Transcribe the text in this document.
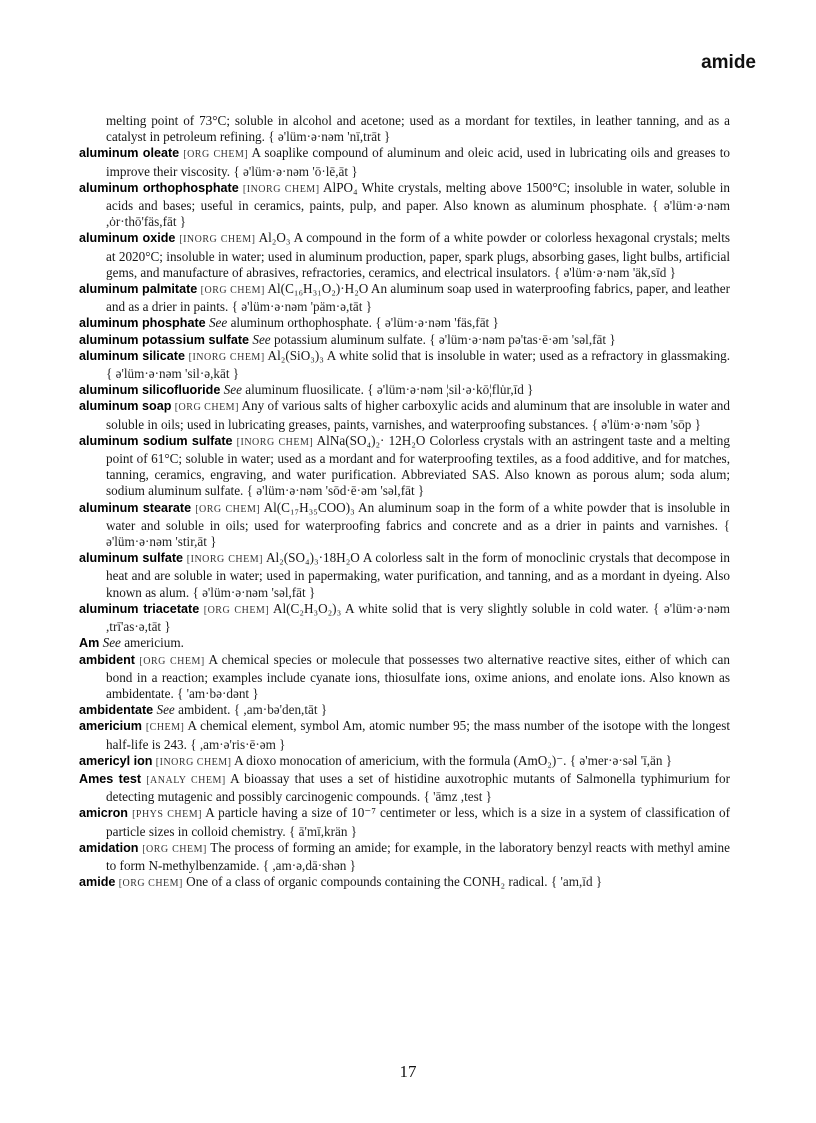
amide

melting point of 73°C; soluble in alcohol and acetone; used as a mordant for textiles, in leather tanning, and as a catalyst in petroleum refining. { ə'lüm·ə·nəm 'nī,trāt }

aluminum oleate [ORG CHEM] A soaplike compound of aluminum and oleic acid, used in lubricating oils and greases to improve their viscosity. { ə'lüm·ə·nəm 'ō·lē,āt }

aluminum orthophosphate [INORG CHEM] AlPO₄ White crystals, melting above 1500°C; insoluble in water, soluble in acids and bases; useful in ceramics, paints, pulp, and paper. Also known as aluminum phosphate. { ə'lüm·ə·nəm ,ȯr·thō'fäs,fāt }

aluminum oxide [INORG CHEM] Al₂O₃ A compound in the form of a white powder or colorless hexagonal crystals; melts at 2020°C; insoluble in water; used in aluminum production, paper, spark plugs, absorbing gases, light bulbs, artificial gems, and manufacture of abrasives, refractories, ceramics, and electrical insulators. { ə'lüm·ə·nəm 'äk,sīd }

aluminum palmitate [ORG CHEM] Al(C₁₆H₃₁O₂)·H₂O An aluminum soap used in waterproofing fabrics, paper, and leather and as a drier in paints. { ə'lüm·ə·nəm 'päm·ə,tāt }

aluminum phosphate See aluminum orthophosphate. { ə'lüm·ə·nəm 'fäs,fāt }

aluminum potassium sulfate See potassium aluminum sulfate. { ə'lüm·ə·nəm pə'tas·ē·əm 'səl,fāt }

aluminum silicate [INORG CHEM] Al₂(SiO₃)₃ A white solid that is insoluble in water; used as a refractory in glassmaking. { ə'lüm·ə·nəm 'sil·ə,kāt }

aluminum silicofluoride See aluminum fluosilicate. { ə'lüm·ə·nəm ¦sil·ə·kō¦flu̇r,īd }

aluminum soap [ORG CHEM] Any of various salts of higher carboxylic acids and aluminum that are insoluble in water and soluble in oils; used in lubricating greases, paints, varnishes, and waterproofing substances. { ə'lüm·ə·nəm 'sōp }

aluminum sodium sulfate [INORG CHEM] AlNa(SO₄)₂· 12H₂O Colorless crystals with an astringent taste and a melting point of 61°C; soluble in water; used as a mordant and for waterproofing textiles, as a food additive, and for matches, tanning, ceramics, engraving, and water purification. Abbreviated SAS. Also known as porous alum; soda alum; sodium aluminum sulfate. { ə'lüm·ə·nəm 'sōd·ē·əm 'səl,fāt }

aluminum stearate [ORG CHEM] Al(C₁₇H₃₅COO)₃ An aluminum soap in the form of a white powder that is insoluble in water and soluble in oils; used for waterproofing fabrics and concrete and as a drier in paints and varnishes. { ə'lüm·ə·nəm 'stir,āt }

aluminum sulfate [INORG CHEM] Al₂(SO₄)₃·18H₂O A colorless salt in the form of monoclinic crystals that decompose in heat and are soluble in water; used in papermaking, water purification, and tanning, and as a mordant in dyeing. Also known as alum. { ə'lüm·ə·nəm 'səl,fāt }

aluminum triacetate [ORG CHEM] Al(C₂H₃O₂)₃ A white solid that is very slightly soluble in cold water. { ə'lüm·ə·nəm ,trī'as·ə,tāt }

Am See americium.

ambident [ORG CHEM] A chemical species or molecule that possesses two alternative reactive sites, either of which can bond in a reaction; examples include cyanate ions, thiosulfate ions, oxime anions, and enolate ions. Also known as ambidentate. { 'am·bə·dənt }

ambidentate See ambident. { ,am·bə'den,tāt }

americium [CHEM] A chemical element, symbol Am, atomic number 95; the mass number of the isotope with the longest half-life is 243. { ,am·ə'ris·ē·əm }

americyl ion [INORG CHEM] A dioxo monocation of americium, with the formula (AmO₂)⁻. { ə'mer·ə·səl 'ī,än }

Ames test [ANALY CHEM] A bioassay that uses a set of histidine auxotrophic mutants of Salmonella typhimurium for detecting mutagenic and possibly carcinogenic compounds. { 'āmz ,test }

amicron [PHYS CHEM] A particle having a size of 10⁻⁷ centimeter or less, which is a size in a system of classification of particle sizes in colloid chemistry. { ā'mī,krän }

amidation [ORG CHEM] The process of forming an amide; for example, in the laboratory benzyl reacts with methyl amine to form N-methylbenzamide. { ,am·ə,dā·shən }

amide [ORG CHEM] One of a class of organic compounds containing the CONH₂ radical. { 'am,īd }

17
